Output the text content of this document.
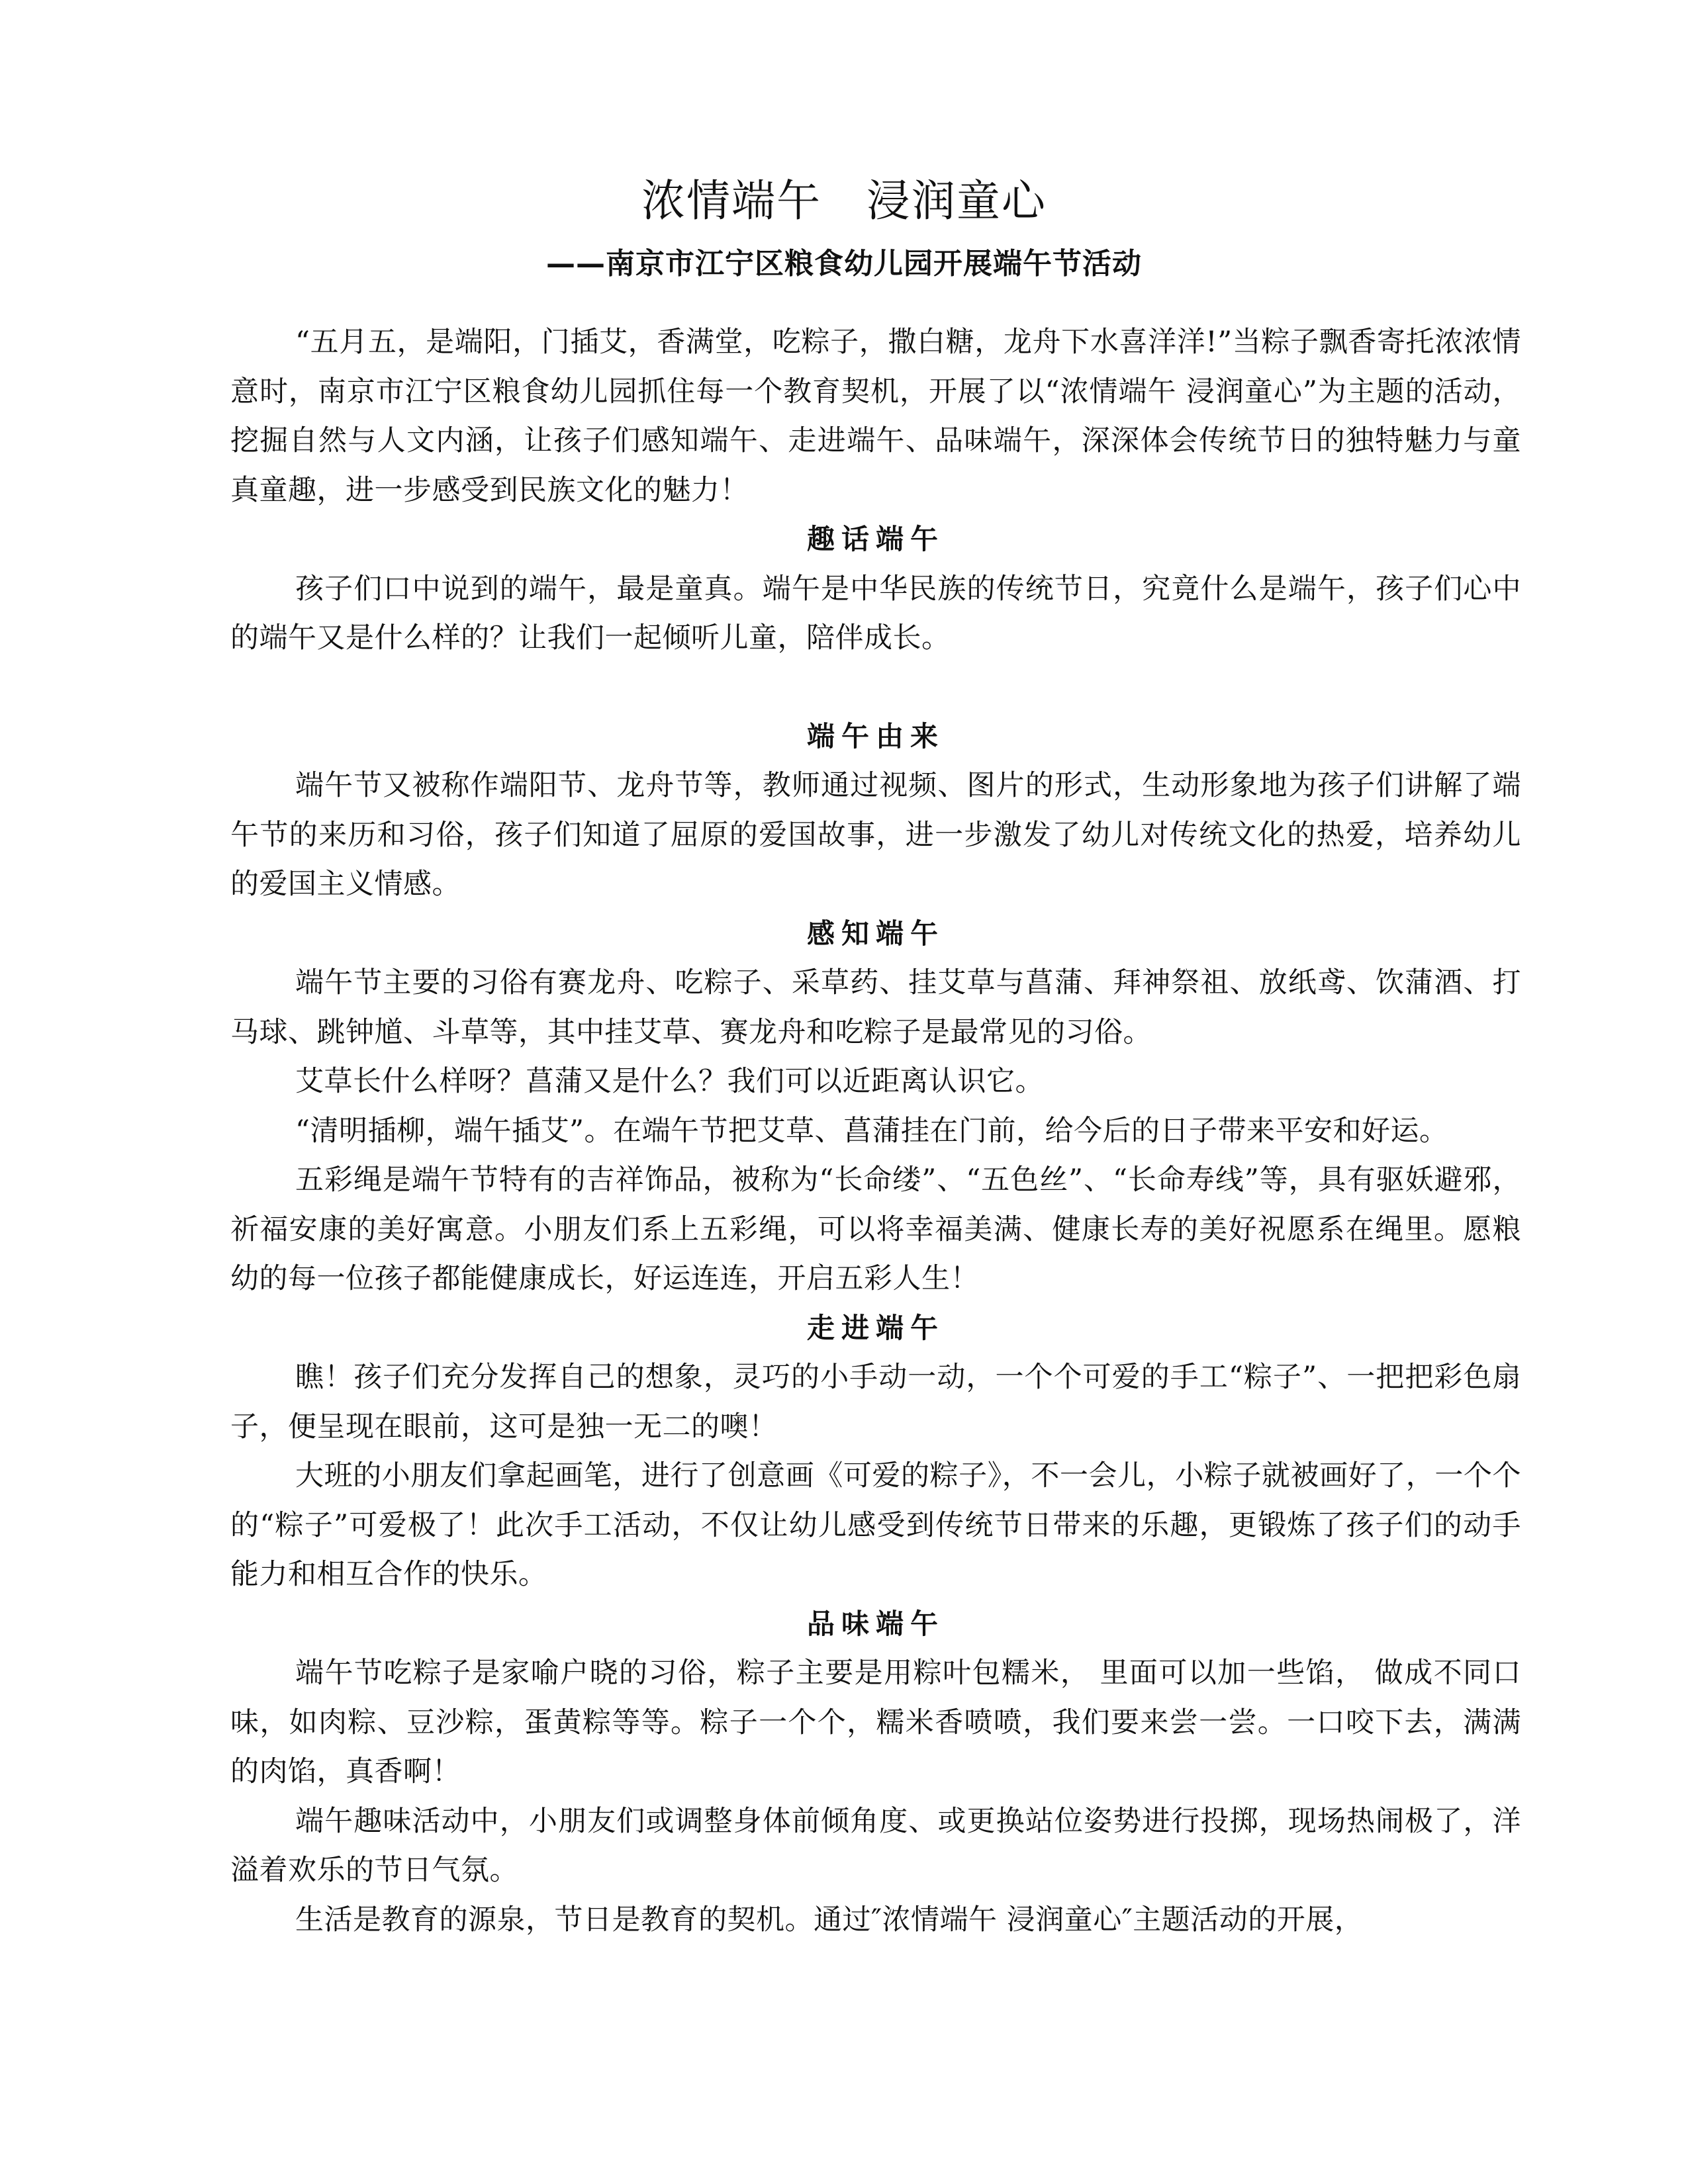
浓情端午　浸润童心
——南京市江宁区粮食幼儿园开展端午节活动

“五月五，是端阳，门插艾，香满堂，吃粽子，撒白糖，龙舟下水喜洋洋!”当粽子飘香寄托浓浓情意时，南京市江宁区粮食幼儿园抓住每一个教育契机，开展了以“浓情端午 浸润童心”为主题的活动，挖掘自然与人文内涵，让孩子们感知端午、走进端午、品味端午，深深体会传统节日的独特魅力与童真童趣，进一步感受到民族文化的魅力！

趣话端午

孩子们口中说到的端午，最是童真。端午是中华民族的传统节日，究竟什么是端午，孩子们心中的端午又是什么样的？让我们一起倾听儿童，陪伴成长。

端午由来

端午节又被称作端阳节、龙舟节等，教师通过视频、图片的形式，生动形象地为孩子们讲解了端午节的来历和习俗，孩子们知道了屈原的爱国故事，进一步激发了幼儿对传统文化的热爱，培养幼儿的爱国主义情感。

感知端午

端午节主要的习俗有赛龙舟、吃粽子、采草药、挂艾草与菖蒲、拜神祭祖、放纸鸢、饮蒲酒、打马球、跳钟馗、斗草等，其中挂艾草、赛龙舟和吃粽子是最常见的习俗。

艾草长什么样呀？菖蒲又是什么？我们可以近距离认识它。

“清明插柳，端午插艾”。在端午节把艾草、菖蒲挂在门前，给今后的日子带来平安和好运。

五彩绳是端午节特有的吉祥饰品，被称为“长命缕”、“五色丝”、“长命寿线”等，具有驱妖避邪，祈福安康的美好寓意。小朋友们系上五彩绳，可以将幸福美满、健康长寿的美好祝愿系在绳里。愿粮幼的每一位孩子都能健康成长，好运连连，开启五彩人生！

走进端午

瞧！孩子们充分发挥自己的想象，灵巧的小手动一动，一个个可爱的手工“粽子”、一把把彩色扇子，便呈现在眼前，这可是独一无二的噢！

大班的小朋友们拿起画笔，进行了创意画《可爱的粽子》，不一会儿，小粽子就被画好了，一个个的“粽子”可爱极了！此次手工活动，不仅让幼儿感受到传统节日带来的乐趣，更锻炼了孩子们的动手能力和相互合作的快乐。

品味端午

端午节吃粽子是家喻户晓的习俗，粽子主要是用粽叶包糯米， 里面可以加一些馅， 做成不同口味，如肉粽、豆沙粽，蛋黄粽等等。粽子一个个，糯米香喷喷，我们要来尝一尝。一口咬下去，满满的肉馅，真香啊！

端午趣味活动中，小朋友们或调整身体前倾角度、或更换站位姿势进行投掷，现场热闹极了，洋溢着欢乐的节日气氛。

生活是教育的源泉，节日是教育的契机。通过″浓情端午 浸润童心″主题活动的开展，
